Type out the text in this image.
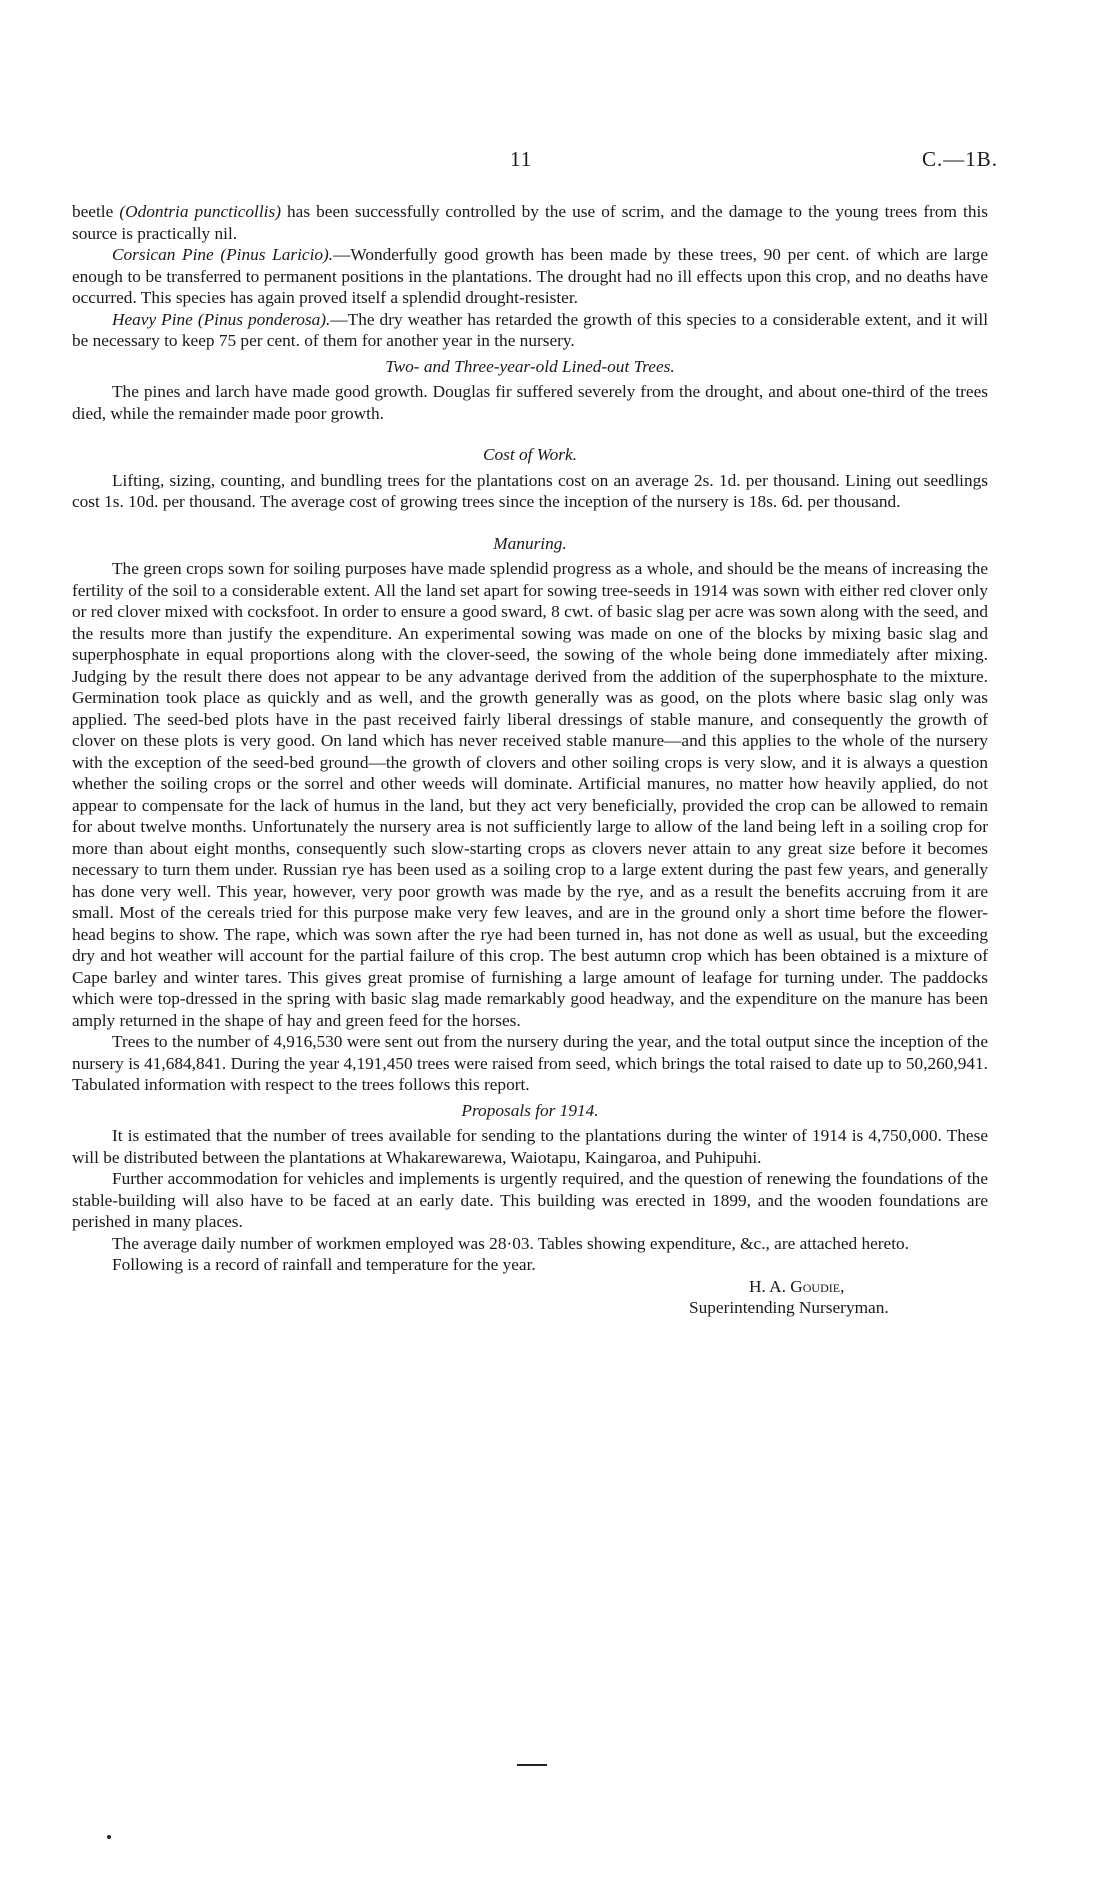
11	C.—1B.

beetle (Odontria puncticollis) has been successfully controlled by the use of scrim, and the damage to the young trees from this source is practically nil.

Corsican Pine (Pinus Laricio).—Wonderfully good growth has been made by these trees, 90 per cent. of which are large enough to be transferred to permanent positions in the plantations. The drought had no ill effects upon this crop, and no deaths have occurred. This species has again proved itself a splendid drought-resister.

Heavy Pine (Pinus ponderosa).—The dry weather has retarded the growth of this species to a considerable extent, and it will be necessary to keep 75 per cent. of them for another year in the nursery.

Two- and Three-year-old Lined-out Trees.

The pines and larch have made good growth. Douglas fir suffered severely from the drought, and about one-third of the trees died, while the remainder made poor growth.

Cost of Work.

Lifting, sizing, counting, and bundling trees for the plantations cost on an average 2s. 1d. per thousand. Lining out seedlings cost 1s. 10d. per thousand. The average cost of growing trees since the inception of the nursery is 18s. 6d. per thousand.

Manuring.

The green crops sown for soiling purposes have made splendid progress as a whole, and should be the means of increasing the fertility of the soil to a considerable extent. All the land set apart for sowing tree-seeds in 1914 was sown with either red clover only or red clover mixed with cocksfoot. In order to ensure a good sward, 8 cwt. of basic slag per acre was sown along with the seed, and the results more than justify the expenditure. An experimental sowing was made on one of the blocks by mixing basic slag and superphosphate in equal proportions along with the clover-seed, the sowing of the whole being done immediately after mixing. Judging by the result there does not appear to be any advantage derived from the addition of the superphosphate to the mixture. Germination took place as quickly and as well, and the growth generally was as good, on the plots where basic slag only was applied. The seed-bed plots have in the past received fairly liberal dressings of stable manure, and consequently the growth of clover on these plots is very good. On land which has never received stable manure—and this applies to the whole of the nursery with the exception of the seed-bed ground—the growth of clovers and other soiling crops is very slow, and it is always a question whether the soiling crops or the sorrel and other weeds will dominate. Artificial manures, no matter how heavily applied, do not appear to compensate for the lack of humus in the land, but they act very beneficially, provided the crop can be allowed to remain for about twelve months. Unfortunately the nursery area is not sufficiently large to allow of the land being left in a soiling crop for more than about eight months, consequently such slow-starting crops as clovers never attain to any great size before it becomes necessary to turn them under. Russian rye has been used as a soiling crop to a large extent during the past few years, and generally has done very well. This year, however, very poor growth was made by the rye, and as a result the benefits accruing from it are small. Most of the cereals tried for this purpose make very few leaves, and are in the ground only a short time before the flower-head begins to show. The rape, which was sown after the rye had been turned in, has not done as well as usual, but the exceeding dry and hot weather will account for the partial failure of this crop. The best autumn crop which has been obtained is a mixture of Cape barley and winter tares. This gives great promise of furnishing a large amount of leafage for turning under. The paddocks which were top-dressed in the spring with basic slag made remarkably good headway, and the expenditure on the manure has been amply returned in the shape of hay and green feed for the horses.

Trees to the number of 4,916,530 were sent out from the nursery during the year, and the total output since the inception of the nursery is 41,684,841. During the year 4,191,450 trees were raised from seed, which brings the total raised to date up to 50,260,941. Tabulated information with respect to the trees follows this report.

Proposals for 1914.

It is estimated that the number of trees available for sending to the plantations during the winter of 1914 is 4,750,000. These will be distributed between the plantations at Whakarewarewa, Waiotapu, Kaingaroa, and Puhipuhi.

Further accommodation for vehicles and implements is urgently required, and the question of renewing the foundations of the stable-building will also have to be faced at an early date. This building was erected in 1899, and the wooden foundations are perished in many places.

The average daily number of workmen employed was 28·03. Tables showing expenditure, &c., are attached hereto.

Following is a record of rainfall and temperature for the year.

H. A. Goudie,
Superintending Nurseryman.
